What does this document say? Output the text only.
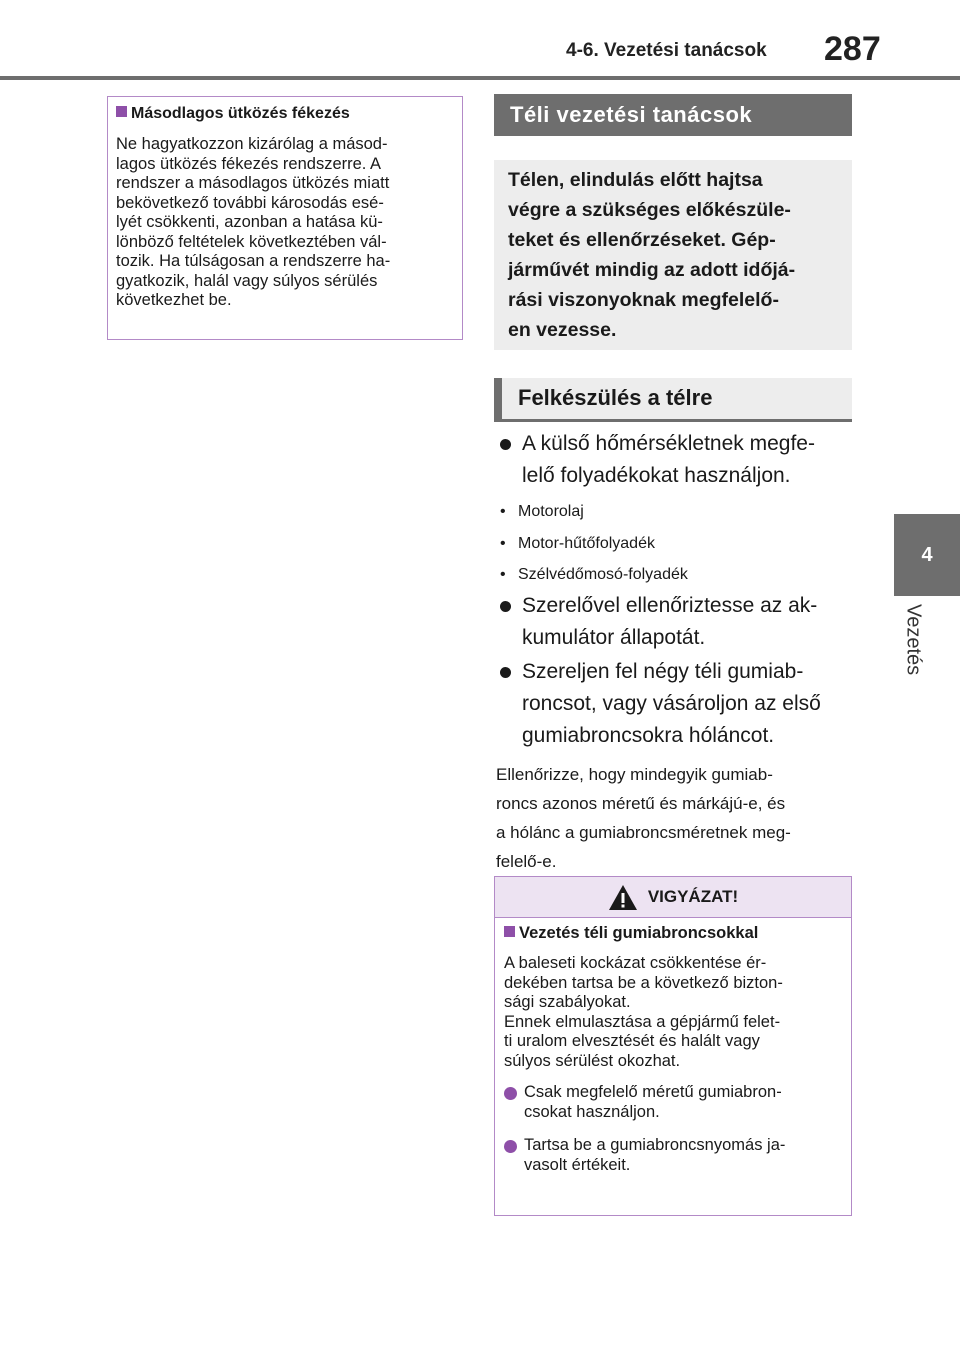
4-6. Vezetési tanácsok 287
4
Vezetés
Másodlagos ütközés fékezés
Ne hagyatkozzon kizárólag a másod-
lagos ütközés fékezés rendszerre. A
rendszer a másodlagos ütközés miatt
bekövetkező további károsodás esé-
lyét csökkenti, azonban a hatása kü-
lönböző feltételek következtében vál-
tozik. Ha túlságosan a rendszerre ha-
gyatkozik, halál vagy súlyos sérülés
következhet be.
Téli vezetési tanácsok
Télen, elindulás előtt hajtsa
végre a szükséges előkészüle-
teket és ellenőrzéseket. Gép-
járművét mindig az adott időjá-
rási viszonyoknak megfelelő-
en vezesse.
Felkészülés a télre
A külső hőmérsékletnek megfe-
lelő folyadékokat használjon.
• Motorolaj
• Motor-hűtőfolyadék
• Szélvédőmosó-folyadék
Szerelővel ellenőriztesse az ak-
kumulátor állapotát.
Szereljen fel négy téli gumiab-
roncsot, vagy vásároljon az első
gumiabroncsokra hóláncot.
Ellenőrizze, hogy mindegyik gumiab-
roncs azonos méretű és márkájú-e, és
a hólánc a gumiabroncsméretnek meg-
felelő-e.
VIGYÁZAT!
Vezetés téli gumiabroncsokkal
A baleseti kockázat csökkentése ér-
dekében tartsa be a következő bizton-
sági szabályokat.
Ennek elmulasztása a gépjármű felet-
ti uralom elvesztését és halált vagy
súlyos sérülést okozhat.
Csak megfelelő méretű gumiabron-
csokat használjon.
Tartsa be a gumiabroncsnyomás ja-
vasolt értékeit.
